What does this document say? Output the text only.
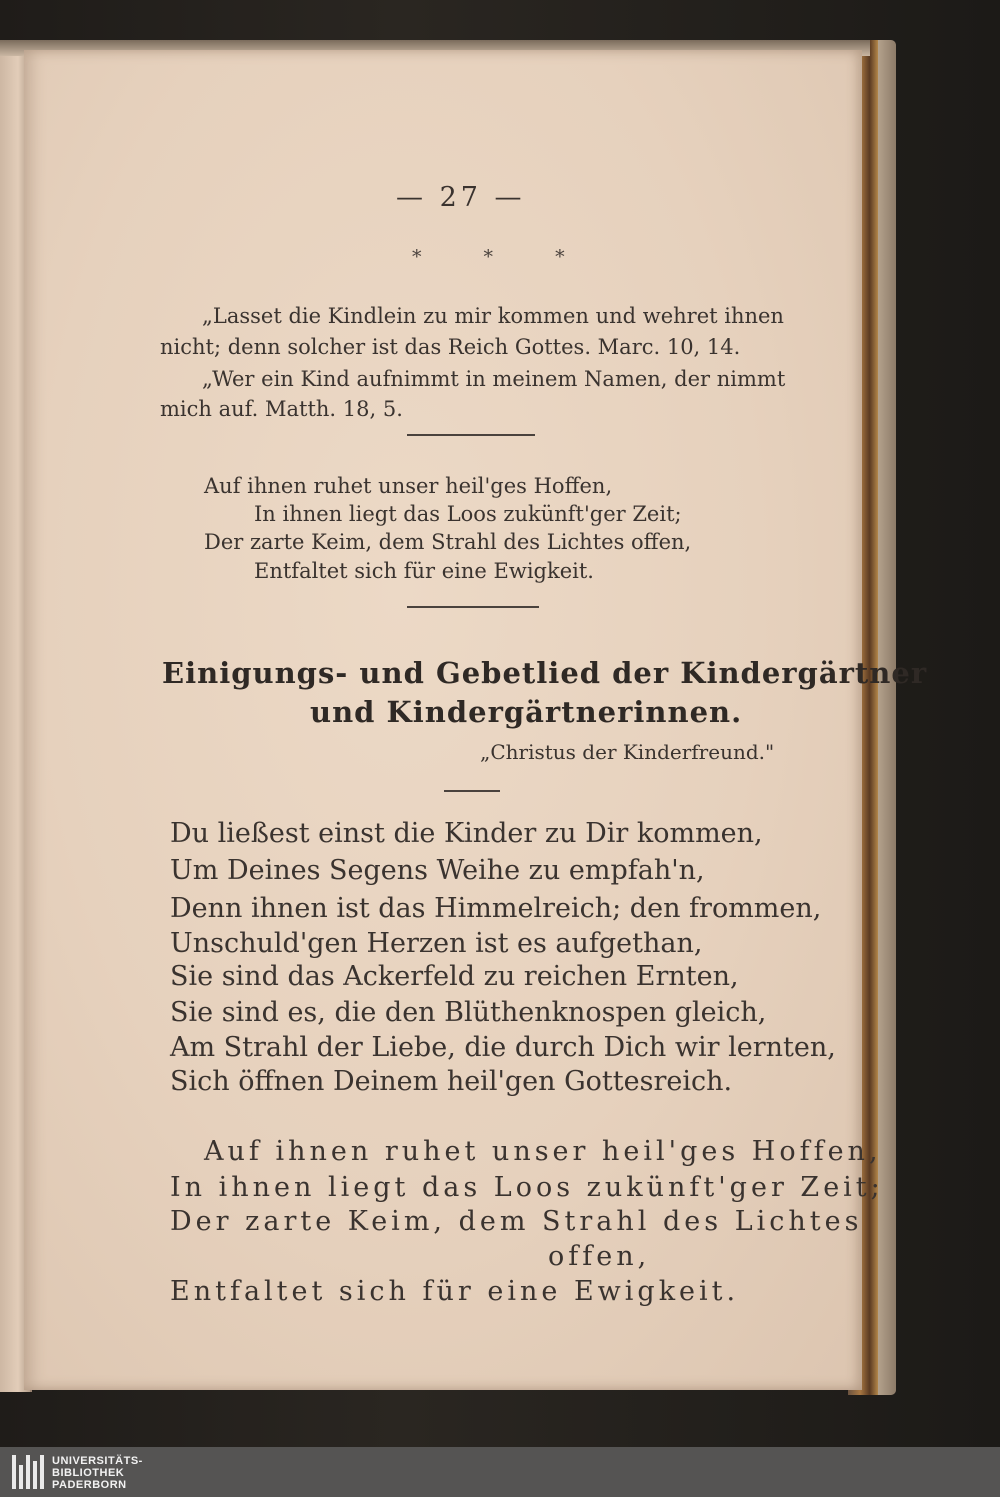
— 27 —
* * *
„Lasset die Kindlein zu mir kommen und wehret ihnen
nicht; denn solcher ist das Reich Gottes. Marc. 10, 14.
„Wer ein Kind aufnimmt in meinem Namen, der nimmt
mich auf. Matth. 18, 5.
Auf ihnen ruhet unser heil'ges Hoffen,
In ihnen liegt das Loos zukünft'ger Zeit;
Der zarte Keim, dem Strahl des Lichtes offen,
Entfaltet sich für eine Ewigkeit.
Einigungs- und Gebetlied der Kindergärtner
und Kindergärtnerinnen.
„Christus der Kinderfreund."
Du ließest einst die Kinder zu Dir kommen,
Um Deines Segens Weihe zu empfah'n,
Denn ihnen ist das Himmelreich; den frommen,
Unschuld'gen Herzen ist es aufgethan,
Sie sind das Ackerfeld zu reichen Ernten,
Sie sind es, die den Blüthenknospen gleich,
Am Strahl der Liebe, die durch Dich wir lernten,
Sich öffnen Deinem heil'gen Gottesreich.
Auf ihnen ruhet unser heil'ges Hoffen,
In ihnen liegt das Loos zukünft'ger Zeit;
Der zarte Keim, dem Strahl des Lichtes
offen,
Entfaltet sich für eine Ewigkeit.
UNIVERSITÄTS-
BIBLIOTHEK
PADERBORN
